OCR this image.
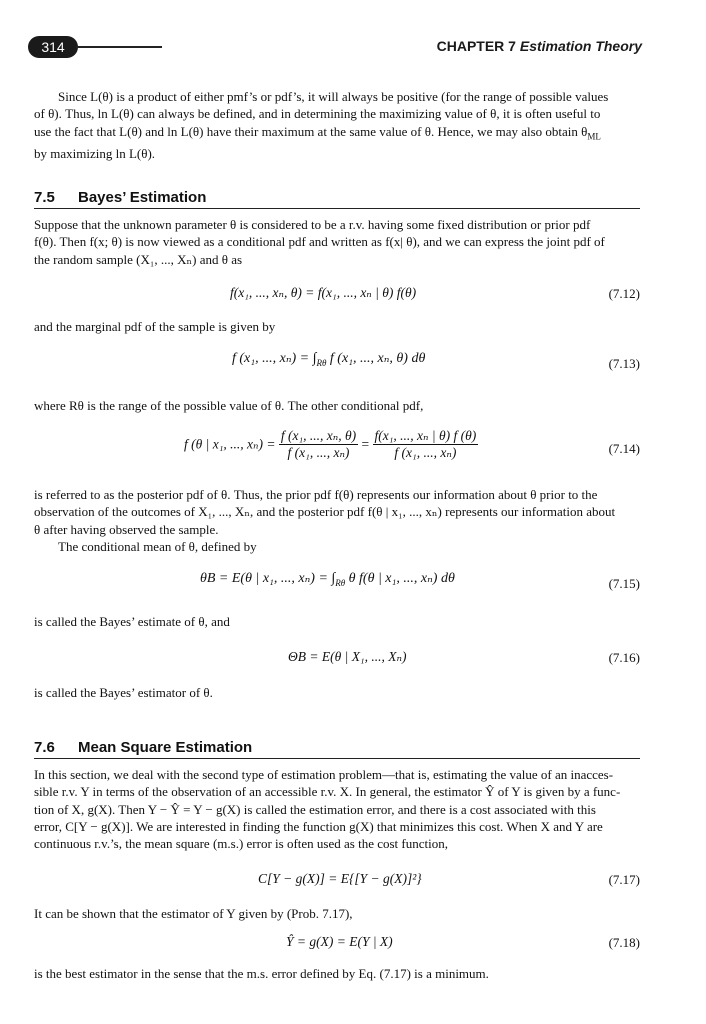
314	CHAPTER 7 Estimation Theory
Since L(θ) is a product of either pmf’s or pdf’s, it will always be positive (for the range of possible values
of θ). Thus, ln L(θ) can always be defined, and in determining the maximizing value of θ, it is often useful to
use the fact that L(θ) and ln L(θ) have their maximum at the same value of θ. Hence, we may also obtain $\theta_{ML}$
by maximizing ln L(θ).
7.5 Bayes’ Estimation
Suppose that the unknown parameter θ is considered to be a r.v. having some fixed distribution or prior pdf
f(θ). Then f(x; θ) is now viewed as a conditional pdf and written as f(x| θ), and we can express the joint pdf of
the random sample (X₁, ..., Xₙ) and θ as
f(x₁, ..., xₙ, θ) = f(x₁, ..., xₙ | θ) f(θ)	(7.12)
and the marginal pdf of the sample is given by
f (x₁, ..., $x_n) = \int_{R\theta}$ f (x₁, ..., xₙ, θ) dθ	(7.13)
where Rθ is the range of the possible value of θ. The other conditional pdf,
f (θ | x₁, ..., $x_n) = \frac{\text{f (x₁, ..., xₙ, θ)}}{\text{f (x₁, ..., xₙ)}} = \frac{\text{f(x₁, ..., xₙ | θ) f (θ)}}{\text{f (x₁, ..., xₙ)}}$	(7.14)
is referred to as the posterior pdf of θ. Thus, the prior pdf f(θ) represents our information about θ prior to the
observation of the outcomes of X₁, ..., Xₙ, and the posterior pdf f(θ | x₁, ..., xₙ) represents our information about
θ after having observed the sample.
The conditional mean of θ, defined by
θB = E(θ | x₁, ..., $x_n) = \int_{R\theta}$ θ f(θ | x₁, ..., xₙ) dθ	(7.15)
is called the Bayes’ estimate of θ, and
ΘB = E(θ | X₁, ..., Xₙ)	(7.16)
is called the Bayes’ estimator of θ.
7.6 Mean Square Estimation
In this section, we deal with the second type of estimation problem—that is, estimating the value of an inacces-
sible r.v. Y in terms of the observation of an accessible r.v. X. In general, the estimator Ŷ of Y is given by a func-
tion of X, g(X). Then Y − Ŷ = Y − g(X) is called the estimation error, and there is a cost associated with this
error, C[Y − g(X)]. We are interested in finding the function g(X) that minimizes this cost. When X and Y are
continuous r.v.’s, the mean square (m.s.) error is often used as the cost function,
C[Y − g(X)] = E{[Y − g(X)]²}	(7.17)
It can be shown that the estimator of Y given by (Prob. 7.17),
Ŷ = g(X) = E(Y | X)	(7.18)
is the best estimator in the sense that the m.s. error defined by Eq. (7.17) is a minimum.
